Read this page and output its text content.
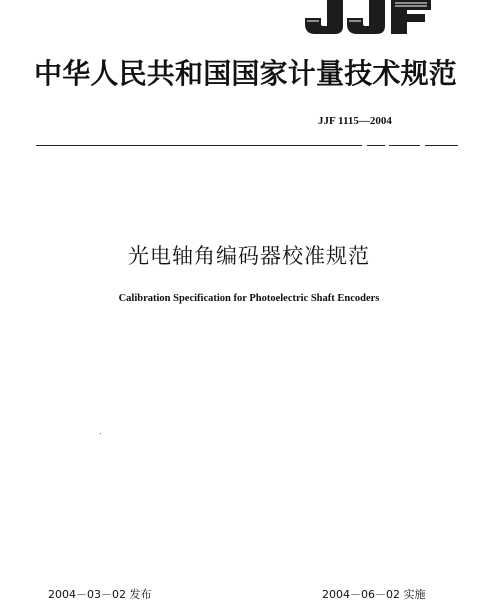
中华人民共和国国家计量技术规范
JJF 1115—2004
光电轴角编码器校准规范
Calibration Specification for Photoelectric Shaft Encoders
2004－03－02 发布	2004－06－02 实施
